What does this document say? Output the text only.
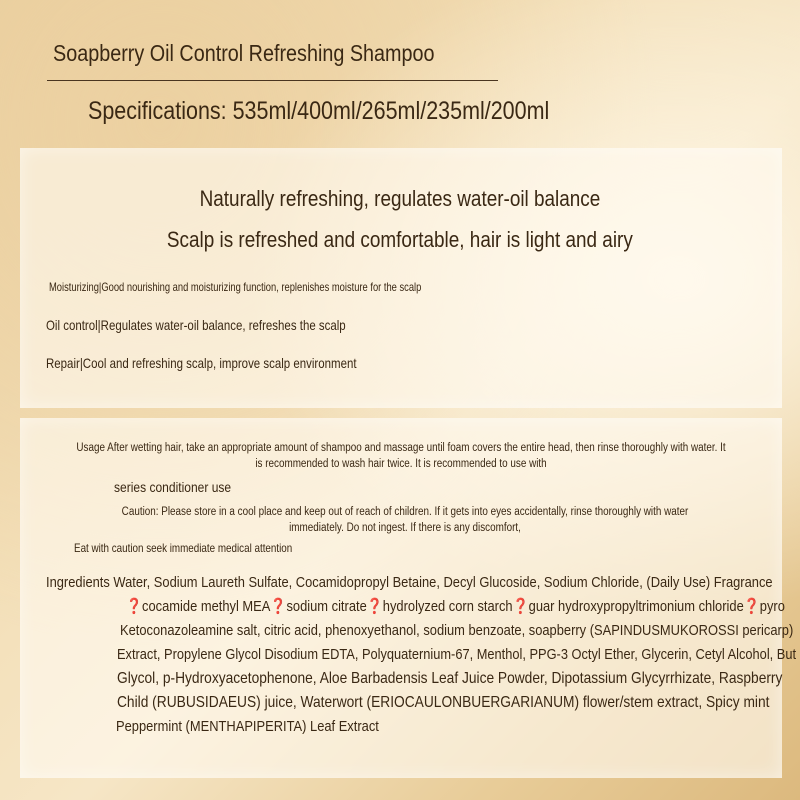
Soapberry Oil Control Refreshing Shampoo
Specifications: 535ml/400ml/265ml/235ml/200ml
Naturally refreshing, regulates water-oil balance
Scalp is refreshed and comfortable, hair is light and airy
Moisturizing|Good nourishing and moisturizing function, replenishes moisture for the scalp
Oil control|Regulates water-oil balance, refreshes the scalp
Repair|Cool and refreshing scalp, improve scalp environment
Usage After wetting hair, take an appropriate amount of shampoo and massage until foam covers the entire head, then rinse thoroughly with water. It is recommended to wash hair twice. It is recommended to use with
series conditioner use
Caution: Please store in a cool place and keep out of reach of children. If it gets into eyes accidentally, rinse thoroughly with water immediately. Do not ingest. If there is any discomfort,
Eat with caution seek immediate medical attention
Ingredients Water, Sodium Laureth Sulfate, Cocamidopropyl Betaine, Decyl Glucoside, Sodium Chloride, (Daily Use) Fragrance
❓cocamide methyl MEA❓sodium citrate❓hydrolyzed corn starch❓guar hydroxypropyltrimonium chloride❓pyro
Ketoconazoleamine salt, citric acid, phenoxyethanol, sodium benzoate, soapberry (SAPINDUSMUKOROSSI pericarp)
Extract, Propylene Glycol Disodium EDTA, Polyquaternium-67, Menthol, PPG-3 Octyl Ether, Glycerin, Cetyl Alcohol, But
Glycol, p-Hydroxyacetophenone, Aloe Barbadensis Leaf Juice Powder, Dipotassium Glycyrrhizate, Raspberry
Child (RUBUSIDAEUS) juice, Waterwort (ERIOCAULONBUERGARIANUM) flower/stem extract, Spicy mint
Peppermint (MENTHAPIPERITA) Leaf Extract
